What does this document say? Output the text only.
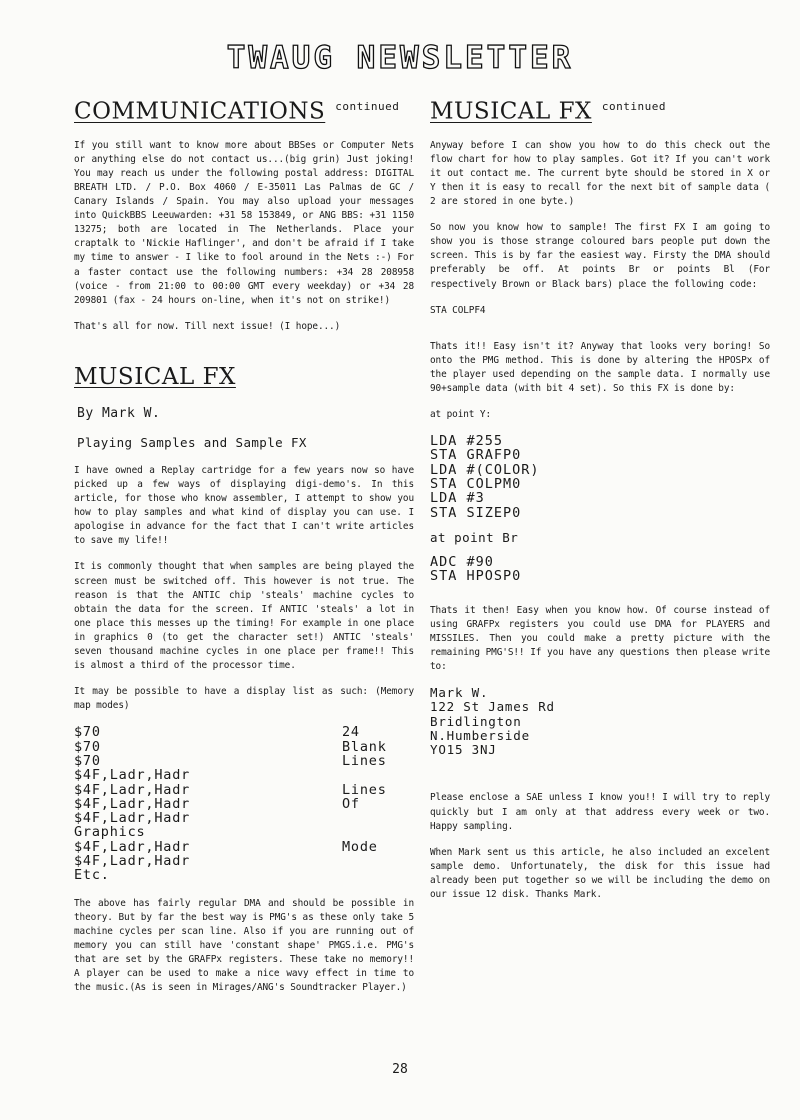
TWAUG NEWSLETTER
COMMUNICATIONS $^{continued}$

If you still want to know more about BBSes or Computer Nets or anything else do not contact us...(big grin) Just joking! You may reach us under the following postal address: DIGITAL BREATH LTD. / P.O. Box 4060 / E-35011 Las Palmas de GC / Canary Islands / Spain. You may also upload your messages into QuickBBS Leeuwarden: +31 58 153849, or ANG BBS: +31 1150 13275; both are located in The Netherlands. Place your craptalk to 'Nickie Haflinger', and don't be afraid if I take my time to answer - I like to fool around in the Nets :-) For a faster contact use the following numbers: +34 28 208958 (voice - from 21:00 to 00:00 GMT every weekday) or +34 28 209801 (fax - 24 hours on-line, when it's not on strike!)

That's all for now. Till next issue! (I hope...)

MUSICAL FX
By Mark W.
Playing Samples and Sample FX

I have owned a Replay cartridge for a few years now so have picked up a few ways of displaying digi-demo's. In this article, for those who know assembler, I attempt to show you how to play samples and what kind of display you can use. I apologise in advance for the fact that I can't write articles to save my life!!

It is commonly thought that when samples are being played the screen must be switched off. This however is not true. The reason is that the ANTIC chip 'steals' machine cycles to obtain the data for the screen. If ANTIC 'steals' a lot in one place this messes up the timing! For example in one place in graphics 0 (to get the character set!) ANTIC 'steals' seven thousand machine cycles in one place per frame!! This is almost a third of the processor time.

It may be possible to have a display list as such: (Memory map modes)

$70	24
$70	Blank
$70	Lines
$4F,Ladr,Hadr
$4F,Ladr,Hadr	Lines
$4F,Ladr,Hadr	Of
$4F,Ladr,Hadr
Graphics
$4F,Ladr,Hadr	Mode
$4F,Ladr,Hadr
Etc.

The above has fairly regular DMA and should be possible in theory. But by far the best way is PMG's as these only take 5 machine cycles per scan line. Also if you are running out of memory you can still have 'constant shape' PMGS.i.e. PMG's that are set by the GRAFPx registers. These take no memory!! A player can be used to make a nice wavy effect in time to the music.(As is seen in Mirages/ANG's Soundtracker Player.)

MUSICAL FX $^{continued}$

Anyway before I can show you how to do this check out the flow chart for how to play samples. Got it? If you can't work it out contact me. The current byte should be stored in X or Y then it is easy to recall for the next bit of sample data ( 2 are stored in one byte.)

So now you know how to sample! The first FX I am going to show you is those strange coloured bars people put down the screen. This is by far the easiest way. Firsty the DMA should preferably be off. At points Br or points Bl (For respectively Brown or Black bars) place the following code:

STA COLPF4

Thats it!! Easy isn't it? Anyway that looks very boring! So onto the PMG method. This is done by altering the HPOSPx of the player used depending on the sample data. I normally use 90+sample data (with bit 4 set). So this FX is done by:

at point Y:

LDA #255
STA GRAFP0
LDA #(COLOR)
STA COLPM0
LDA #3
STA SIZEP0
at point Br
ADC #90
STA HPOSP0

Thats it then! Easy when you know how. Of course instead of using GRAFPx registers you could use DMA for PLAYERS and MISSILES. Then you could make a pretty picture with the remaining PMG'S!! If you have any questions then please write to:

Mark W.
122 St James Rd
Bridlington
N.Humberside
YO15 3NJ

Please enclose a SAE unless I know you!! I will try to reply quickly but I am only at that address every week or two. Happy sampling.

When Mark sent us this article, he also included an excelent sample demo. Unfortunately, the disk for this issue had already been put together so we will be including the demo on our issue 12 disk. Thanks Mark.

28
